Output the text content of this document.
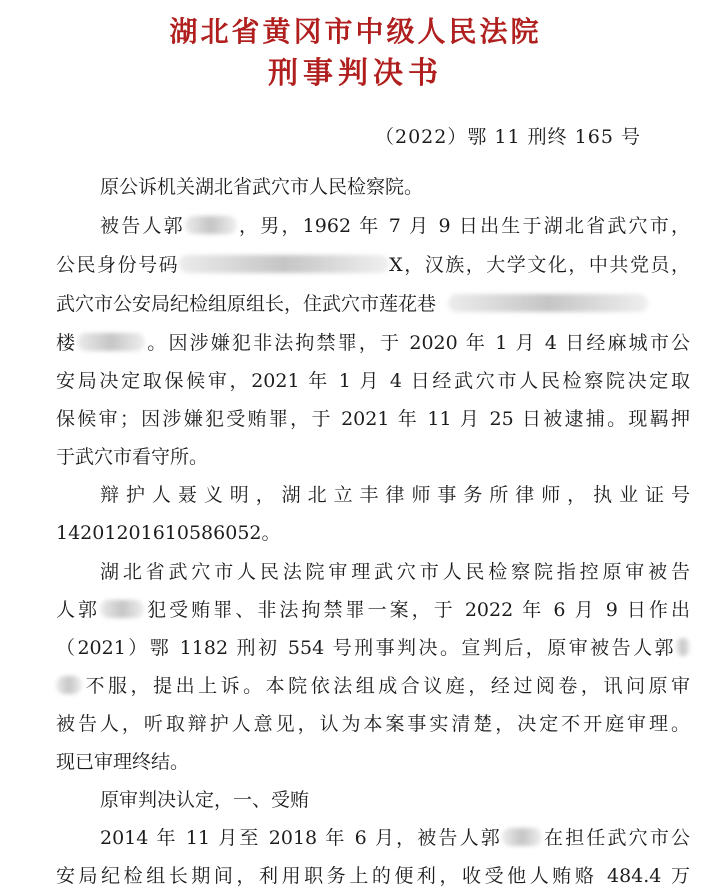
湖北省黄冈市中级人民法院
刑事判决书
（2022）鄂 11 刑终 165 号
原公诉机关湖北省武穴市人民检察院。
被告人郭	，男，1962 年 7 月 9 日出生于湖北省武穴市，
公民身份号码	X，汉族，大学文化，中共党员，
武穴市公安局纪检组原组长，住武穴市莲花巷
楼	。因涉嫌犯非法拘禁罪，于 2020 年 1 月 4 日经麻城市公
安局决定取保候审，2021 年 1 月 4 日经武穴市人民检察院决定取
保候审；因涉嫌犯受贿罪，于 2021 年 11 月 25 日被逮捕。现羁押
于武穴市看守所。
辩护人聂义明，湖北立丰律师事务所律师，执业证号
14201201610586052。
湖北省武穴市人民法院审理武穴市人民检察院指控原审被告
人郭 犯受贿罪、非法拘禁罪一案，于 2022 年 6 月 9 日作出
（2021）鄂 1182 刑初 554 号刑事判决。宣判后，原审被告人郭
不服，提出上诉。本院依法组成合议庭，经过阅卷，讯问原审
被告人，听取辩护人意见，认为本案事实清楚，决定不开庭审理。
现已审理终结。
原审判决认定，一、受贿
2014 年 11 月至 2018 年 6 月，被告人郭 在担任武穴市公
安局纪检组长期间，利用职务上的便利，收受他人贿赂 484.4 万
